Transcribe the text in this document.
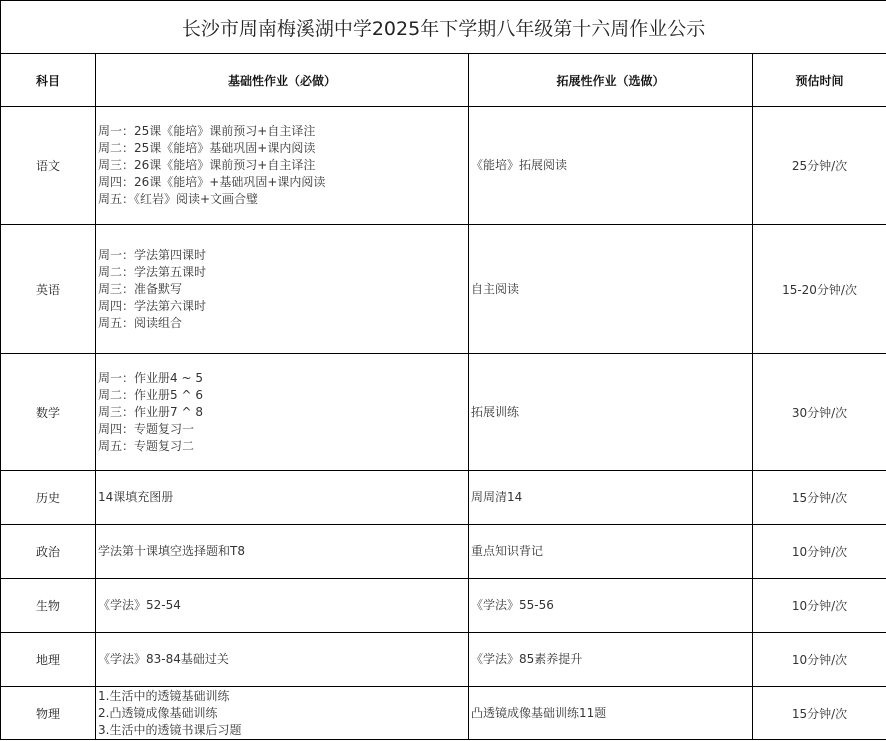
长沙市周南梅溪湖中学2025年下学期八年级第十六周作业公示			
科目	基础性作业（必做）	拓展性作业（选做）	预估时间
语文	周一：25课《能培》课前预习+自主译注
周二：25课《能培》基础巩固+课内阅读
周三：26课《能培》课前预习+自主译注
周四：26课《能培》+基础巩固+课内阅读
周五：《红岩》阅读+文画合璧	《能培》拓展阅读	25分钟/次
英语	周一：学法第四课时
周二：学法第五课时
周三：准备默写
周四：学法第六课时
周五：阅读组合	自主阅读	15-20分钟/次
数学	周一：作业册4 ~ 5
周二：作业册5 ^ 6
周三：作业册7 ^ 8
周四：专题复习一
周五：专题复习二	拓展训练	30分钟/次
历史	14课填充图册	周周清14	15分钟/次
政治	学法第十课填空选择题和T8	重点知识背记	10分钟/次
生物	《学法》52-54	《学法》55-56	10分钟/次
地理	《学法》83-84基础过关	《学法》85素养提升	10分钟/次
物理	1.生活中的透镜基础训练
2.凸透镜成像基础训练
3.生活中的透镜书课后习题	凸透镜成像基础训练11题	15分钟/次
